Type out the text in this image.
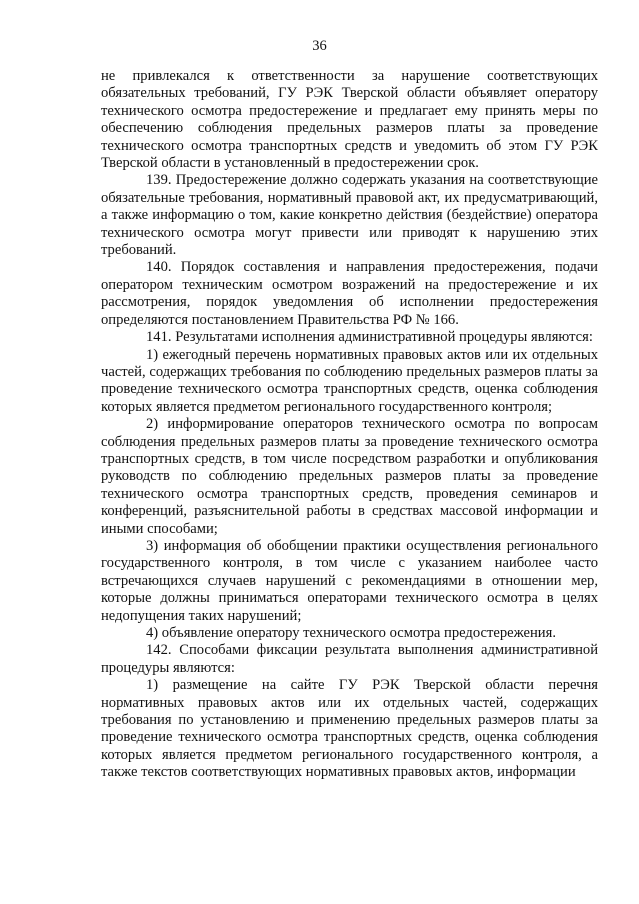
36

не привлекался к ответственности за нарушение соответствующих обязательных требований, ГУ РЭК Тверской области объявляет оператору технического осмотра предостережение и предлагает ему принять меры по обеспечению соблюдения предельных размеров платы за проведение технического осмотра транспортных средств и уведомить об этом ГУ РЭК Тверской области в установленный в предостережении срок.

139. Предостережение должно содержать указания на соответствующие обязательные требования, нормативный правовой акт, их предусматривающий, а также информацию о том, какие конкретно действия (бездействие) оператора технического осмотра могут привести или приводят к нарушению этих требований.

140. Порядок составления и направления предостережения, подачи оператором техническим осмотром возражений на предостережение и их рассмотрения, порядок уведомления об исполнении предостережения определяются постановлением Правительства РФ № 166.

141. Результатами исполнения административной процедуры являются:

1) ежегодный перечень нормативных правовых актов или их отдельных частей, содержащих требования по соблюдению предельных размеров платы за проведение технического осмотра транспортных средств, оценка соблюдения которых является предметом регионального государственного контроля;

2) информирование операторов технического осмотра по вопросам соблюдения предельных размеров платы за проведение технического осмотра транспортных средств, в том числе посредством разработки и опубликования руководств по соблюдению предельных размеров платы за проведение технического осмотра транспортных средств, проведения семинаров и конференций, разъяснительной работы в средствах массовой информации и иными способами;

3) информация об обобщении практики осуществления регионального государственного контроля, в том числе с указанием наиболее часто встречающихся случаев нарушений с рекомендациями в отношении мер, которые должны приниматься операторами технического осмотра в целях недопущения таких нарушений;

4) объявление оператору технического осмотра предостережения.

142. Способами фиксации результата выполнения административной процедуры являются:

1) размещение на сайте ГУ РЭК Тверской области перечня нормативных правовых актов или их отдельных частей, содержащих требования по установлению и применению предельных размеров платы за проведение технического осмотра транспортных средств, оценка соблюдения которых является предметом регионального государственного контроля, а также текстов соответствующих нормативных правовых актов, информации
